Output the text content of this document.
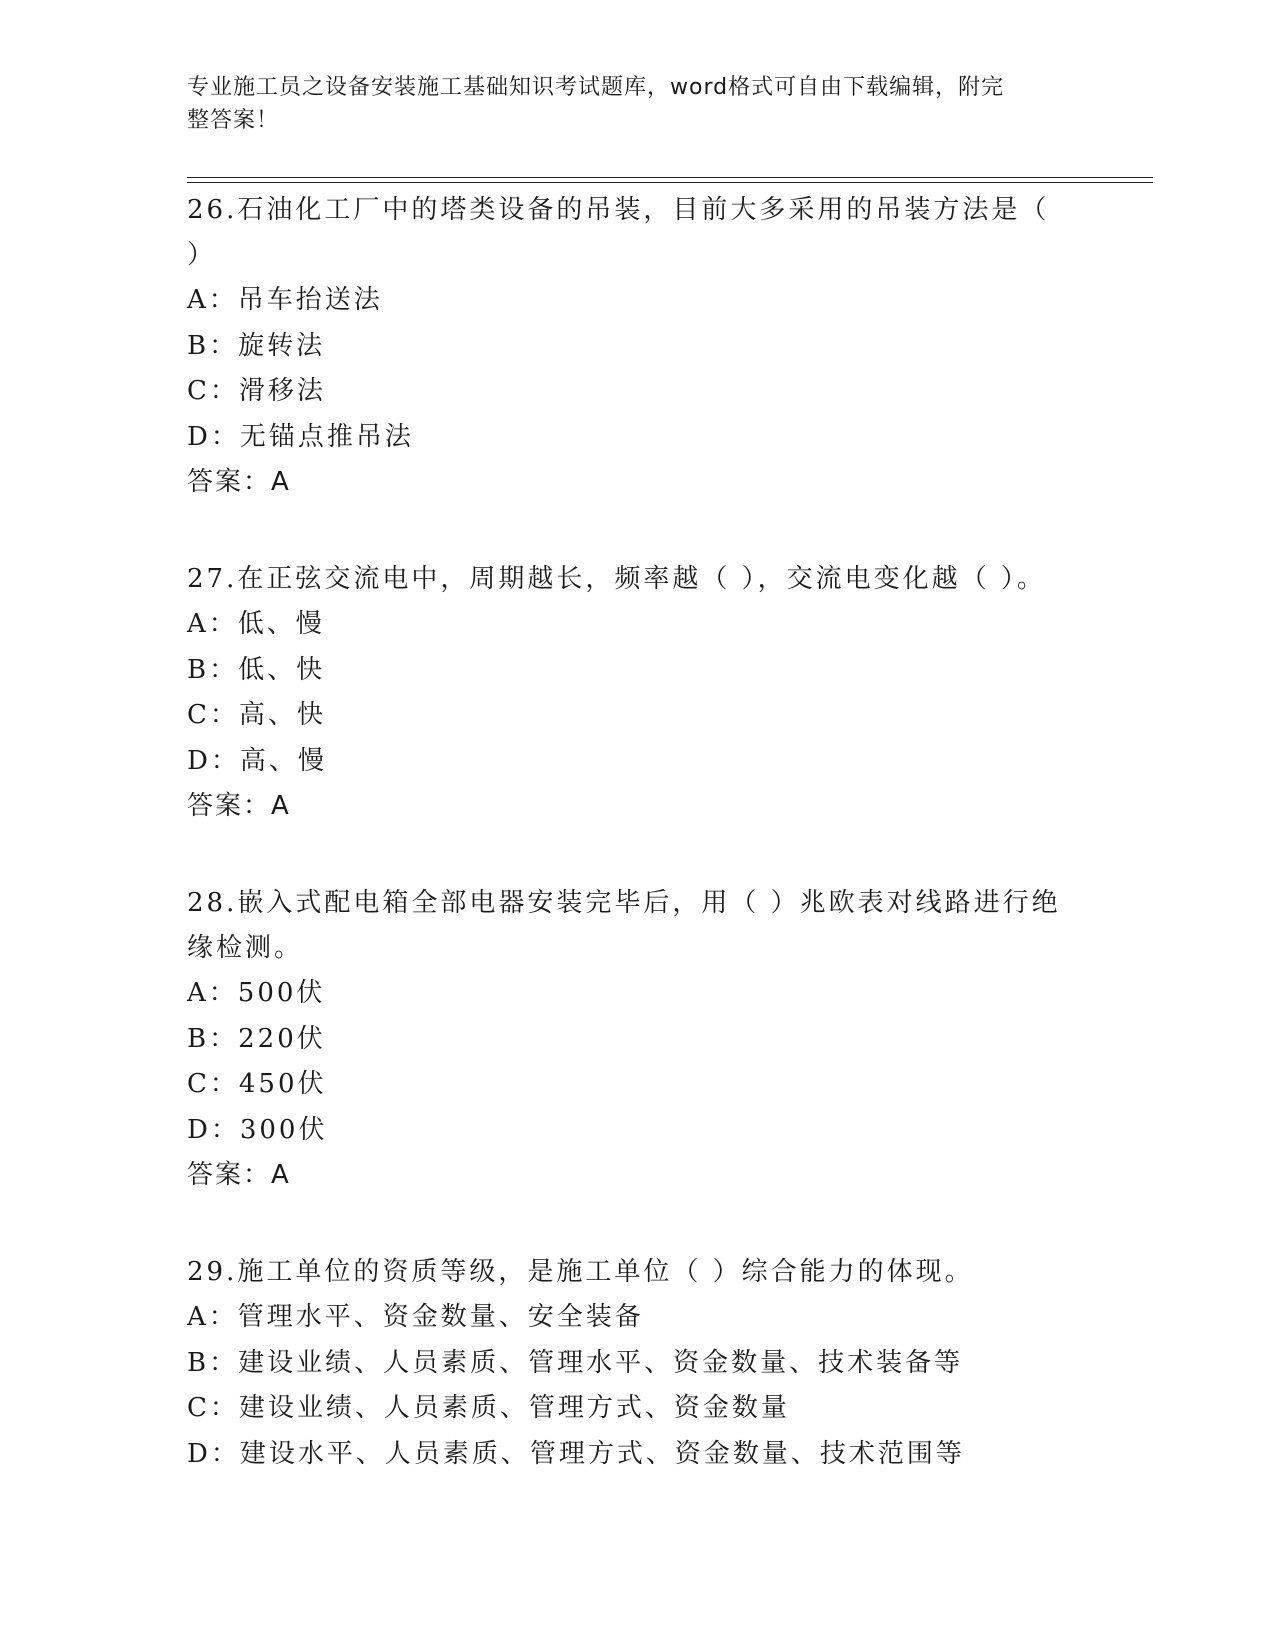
专业施工员之设备安装施工基础知识考试题库，word格式可自由下载编辑，附完
整答案！
26.石油化工厂中的塔类设备的吊装，目前大多采用的吊装方法是（
）
A：吊车抬送法
B：旋转法
C：滑移法
D：无锚点推吊法
答案：A
27.在正弦交流电中，周期越长，频率越（ ），交流电变化越（ ）。
A：低、慢
B：低、快
C：高、快
D：高、慢
答案：A
28.嵌入式配电箱全部电器安装完毕后，用（ ）兆欧表对线路进行绝
缘检测。
A：500伏
B：220伏
C：450伏
D：300伏
答案：A
29.施工单位的资质等级，是施工单位（ ）综合能力的体现。
A：管理水平、资金数量、安全装备
B：建设业绩、人员素质、管理水平、资金数量、技术装备等
C：建设业绩、人员素质、管理方式、资金数量
D：建设水平、人员素质、管理方式、资金数量、技术范围等
